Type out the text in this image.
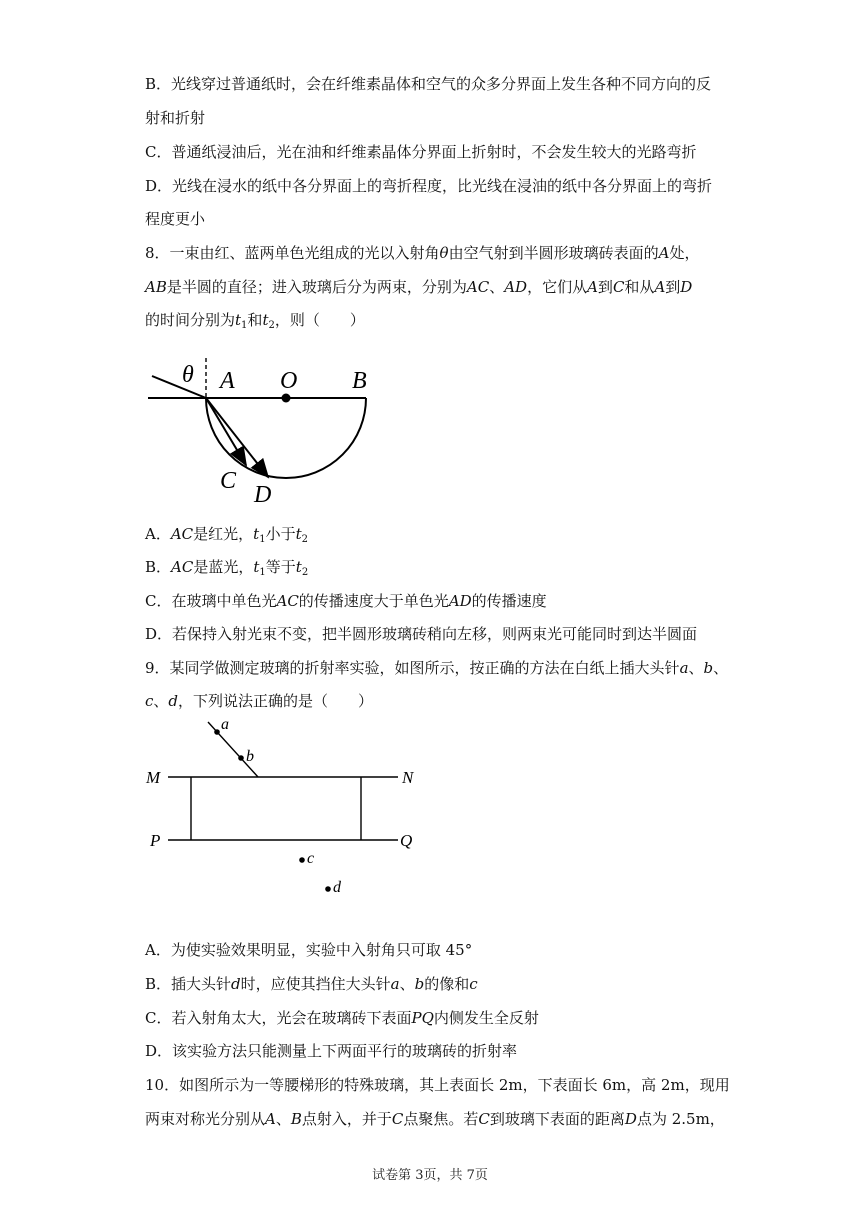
B．光线穿过普通纸时，会在纤维素晶体和空气的众多分界面上发生各种不同方向的反
射和折射
C．普通纸浸油后，光在油和纤维素晶体分界面上折射时，不会发生较大的光路弯折
D．光线在浸水的纸中各分界面上的弯折程度，比光线在浸油的纸中各分界面上的弯折
程度更小
8．一束由红、蓝两单色光组成的光以入射角θ由空气射到半圆形玻璃砖表面的A处，
AB是半圆的直径；进入玻璃后分为两束，分别为AC、AD，它们从A到C和从A到D
的时间分别为$t_1$和$t_2$，则（　　）
θ A O B
C
D
A．AC是红光，$t_1$小于$t_2$
B．AC是蓝光，$t_1$等于$t_2$
C．在玻璃中单色光AC的传播速度大于单色光AD的传播速度
D．若保持入射光束不变，把半圆形玻璃砖稍向左移，则两束光可能同时到达半圆面
9．某同学做测定玻璃的折射率实验，如图所示，按正确的方法在白纸上插大头针a、b、
c、d，下列说法正确的是（　　）
a
b
c
d
M	N
P	Q
A．为使实验效果明显，实验中入射角只可取 45°
B．插大头针d时，应使其挡住大头针a、b的像和c
C．若入射角太大，光会在玻璃砖下表面PQ内侧发生全反射
D．该实验方法只能测量上下两面平行的玻璃砖的折射率
10．如图所示为一等腰梯形的特殊玻璃，其上表面长 2m，下表面长 6m，高 2m，现用
两束对称光分别从A、B点射入，并于C点聚焦。若C到玻璃下表面的距离D点为 2.5m，
试卷第 3页，共 7页
